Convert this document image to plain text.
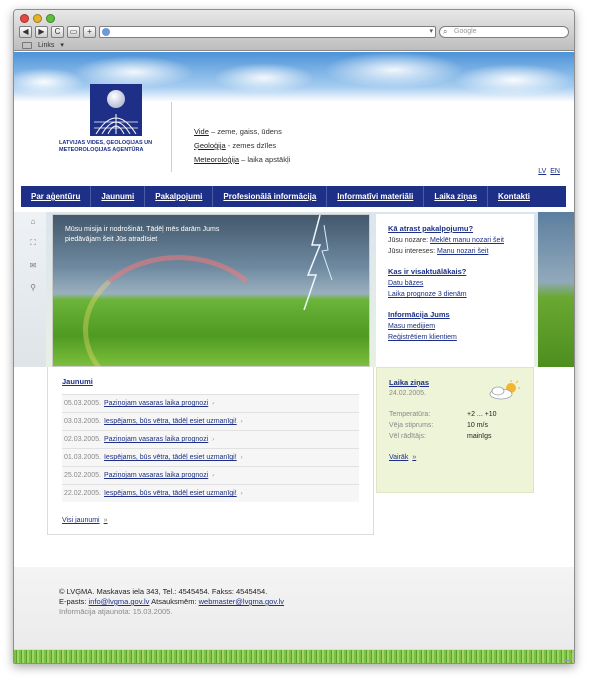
◀	▶	C	▭	+	▾ ⌕ Google
Links ▾
LATVIJAS VIDES, ĢEOLOĢIJAS UN METEOROLOĢIJAS AĢENTŪRA
Vide – zeme, gaiss, ūdens
Ģeoloģija - zemes dzīles
Meteoroloģija – laika apstākļi
LV EN
Par aģentūru	Jaunumi	Pakalpojumi	Profesionālā informācija	Informatīvi materiāli	Laika ziņas	Kontakti
⌂
⛶
✉
⚲
Mūsu misija ir nodrošināt. Tādēļ mēs darām Jums piedāvājam šeit Jūs atradīsiet
Kā atrast pakalpojumu?
Jūsu nozare: Meklēt manu nozari šeit
Jūsu intereses: Manu nozari šeit
Kas ir visaktuālākais?
Datu bāzes
Laika prognoze 3 dienām
Informācija Jums
Masu medijiem
Reģistrētiem klientiem
Jaunumi
05.03.2005. Paziņojam vasaras laika prognozi ›
03.03.2005. Iespējams, būs vētra, tādēļ esiet uzmanīgi! ›
02.03.2005. Paziņojam vasaras laika prognozi ›
01.03.2005. Iespējams, būs vētra, tādēļ esiet uzmanīgi! ›
25.02.2005. Paziņojam vasaras laika prognozi ›
22.02.2005. Iespējams, būs vētra, tādēļ esiet uzmanīgi! ›
Visi jaunumi »
Laika ziņas
24.02.2005.
Temperatūra:	+2 ... +10
Vēja stiprums:	10 m/s
Vēl rādītājs:	mainīgs
Vairāk »
© LVĢMA. Maskavas iela 343, Tel.: 4545454. Fakss: 4545454.
E-pasts: info@lvgma.gov.lv Atsauksmēm: webmaster@lvgma.gov.lv
Informācija atjaunota: 15.03.2005.
